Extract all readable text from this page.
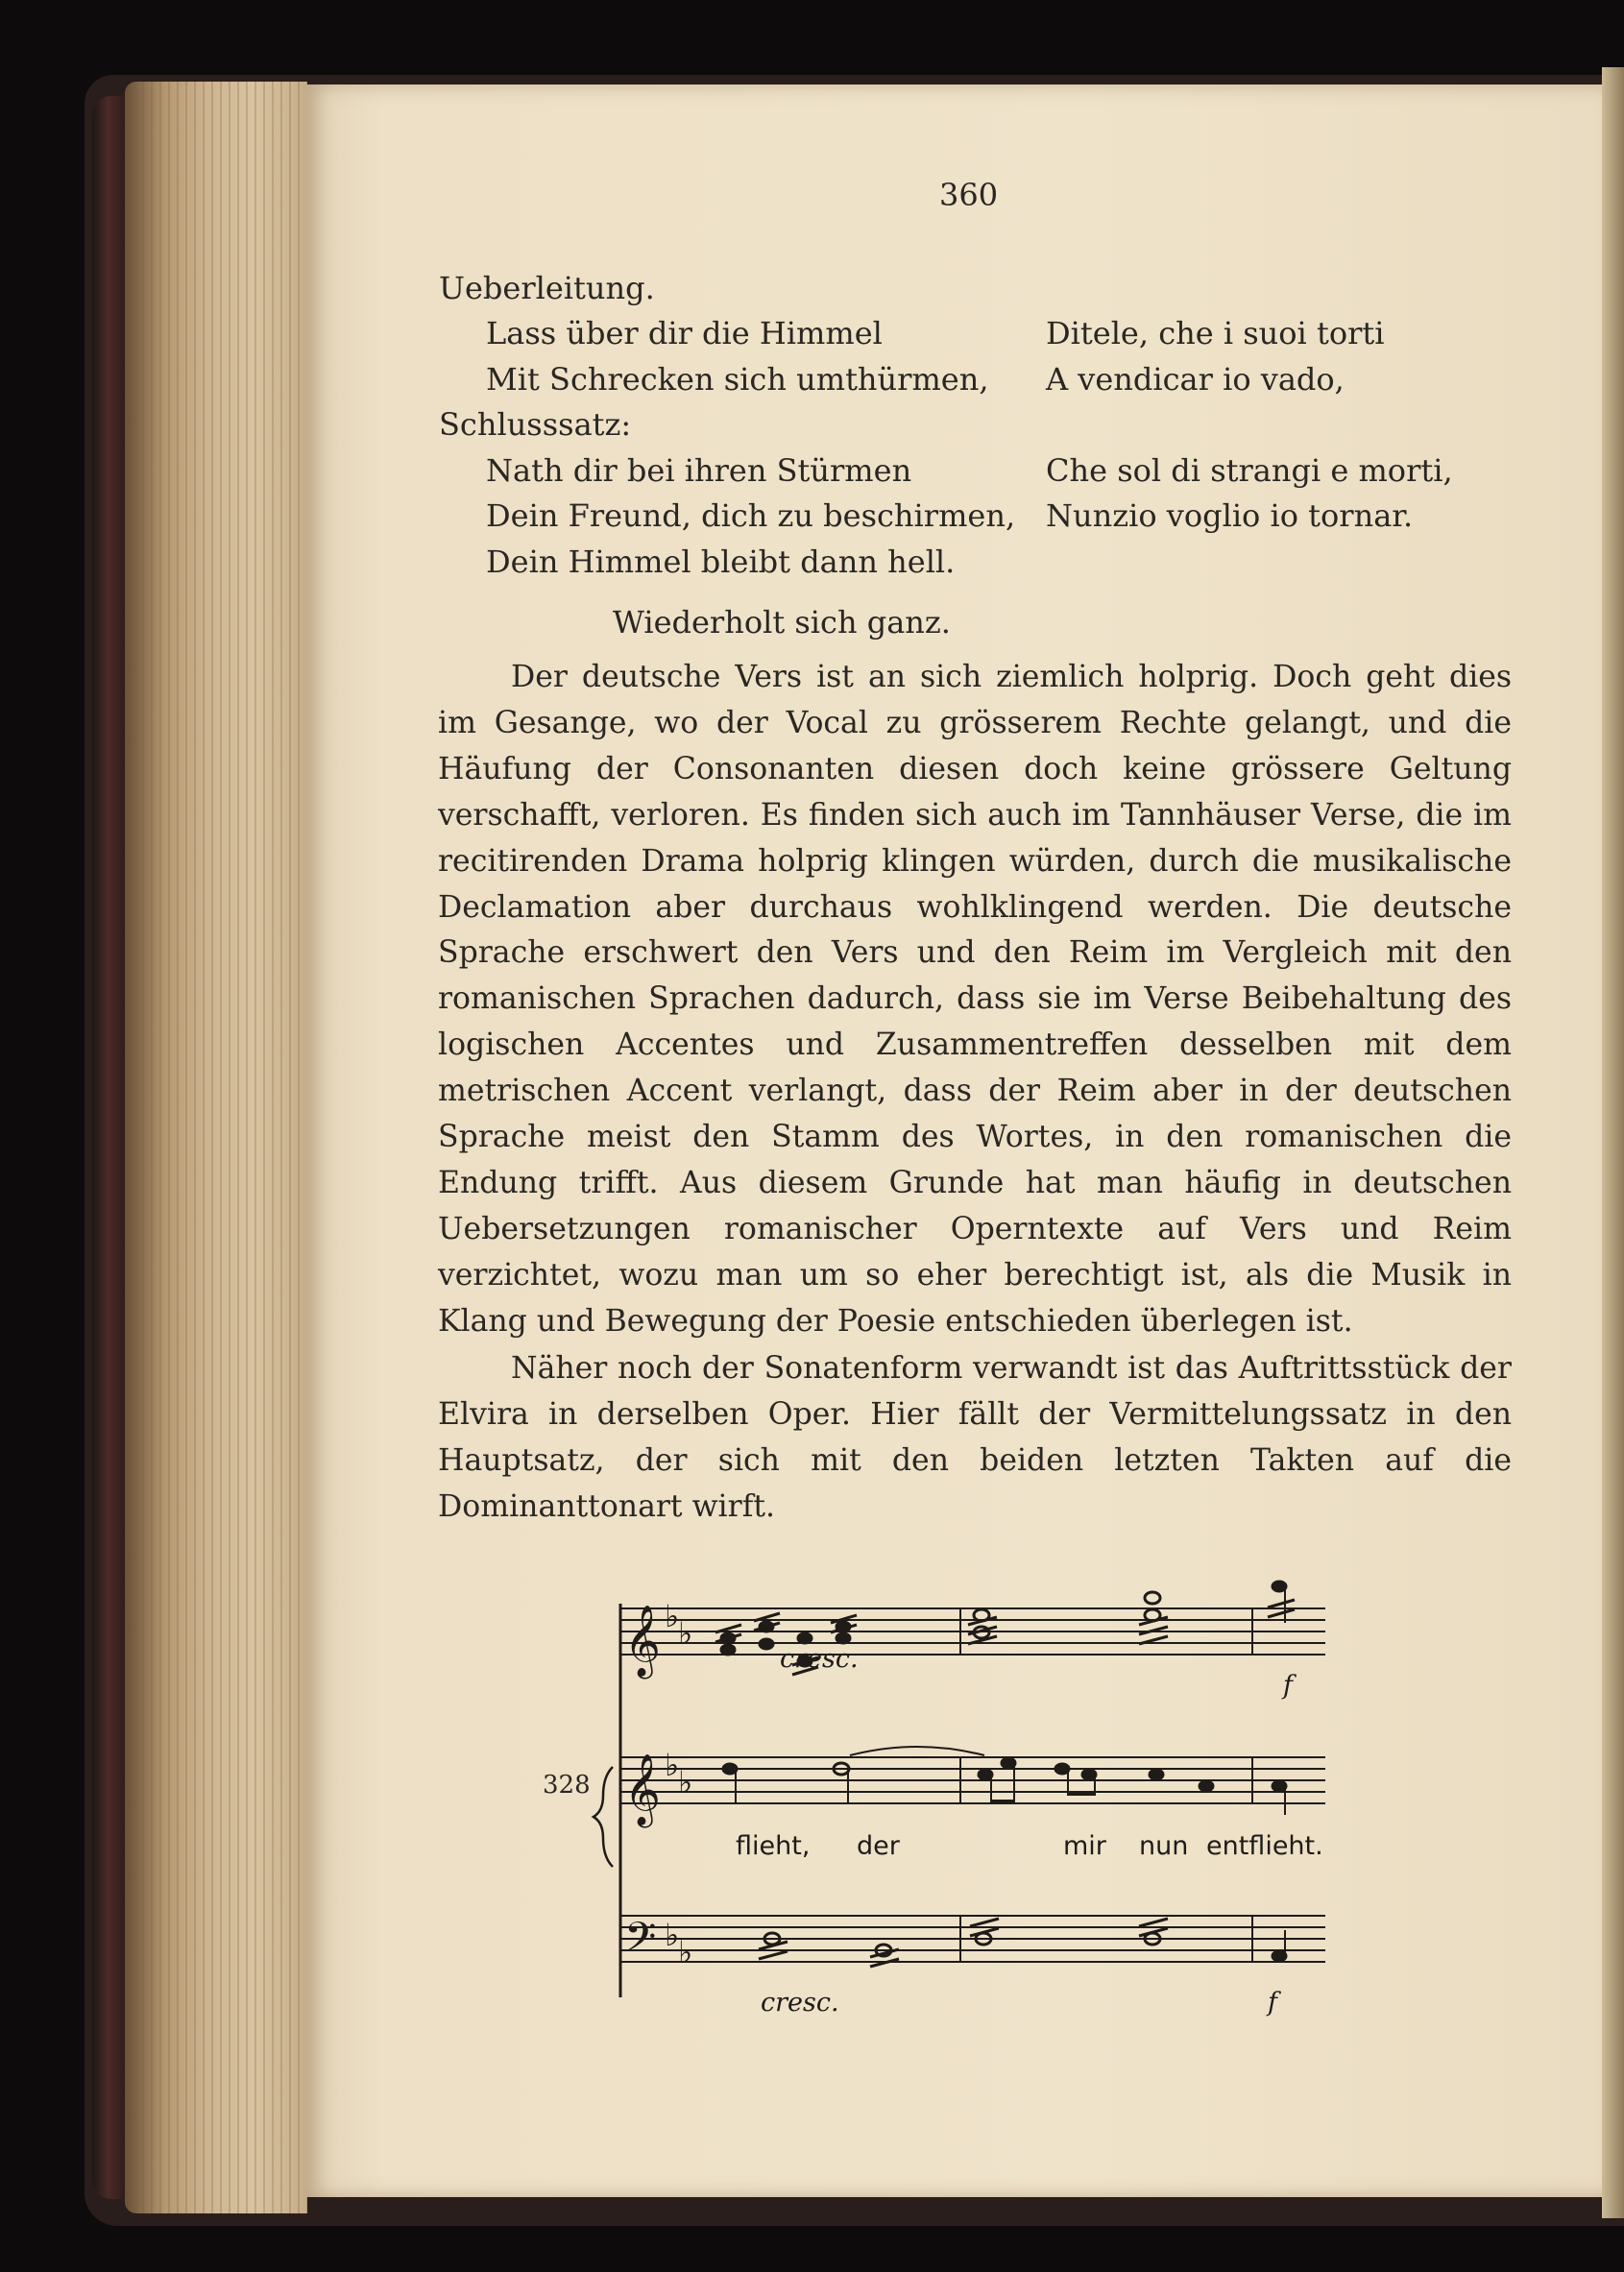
360
Ueberleitung.
Lass über dir die Himmel
Mit Schrecken sich umthürmen,
Schlusssatz:
Nath dir bei ihren Stürmen
Dein Freund, dich zu beschirmen,
Dein Himmel bleibt dann hell.
Ditele, che i suoi torti
A vendicar io vado,
Che sol di strangi e morti,
Nunzio voglio io tornar.
Wiederholt sich ganz.
Der deutsche Vers ist an sich ziemlich holprig. Doch geht dies im Gesange, wo der Vocal zu grösserem Rechte gelangt, und die Häufung der Consonanten diesen doch keine grössere Geltung verschafft, verloren. Es finden sich auch im Tannhäuser Verse, die im recitirenden Drama holprig klingen würden, durch die musikalische Declamation aber durchaus wohlklingend werden. Die deutsche Sprache erschwert den Vers und den Reim im Vergleich mit den romanischen Sprachen dadurch, dass sie im Verse Beibehaltung des logischen Accentes und Zusammentreffen desselben mit dem metrischen Accent verlangt, dass der Reim aber in der deutschen Sprache meist den Stamm des Wortes, in den romanischen die Endung trifft. Aus diesem Grunde hat man häufig in deutschen Uebersetzungen romanischer Operntexte auf Vers und Reim verzichtet, wozu man um so eher berechtigt ist, als die Musik in Klang und Bewegung der Poesie entschieden überlegen ist.
Näher noch der Sonatenform verwandt ist das Auftrittsstück der Elvira in derselben Oper. Hier fällt der Vermittelungssatz in den Hauptsatz, der sich mit den beiden letzten Takten auf die Dominanttonart wirft.
328
𝄞
𝄞
𝄢
♭
♭
♭
♭
♭
♭
cresc.
f
cresc.	f
flieht, der	mir nun entflieht.
